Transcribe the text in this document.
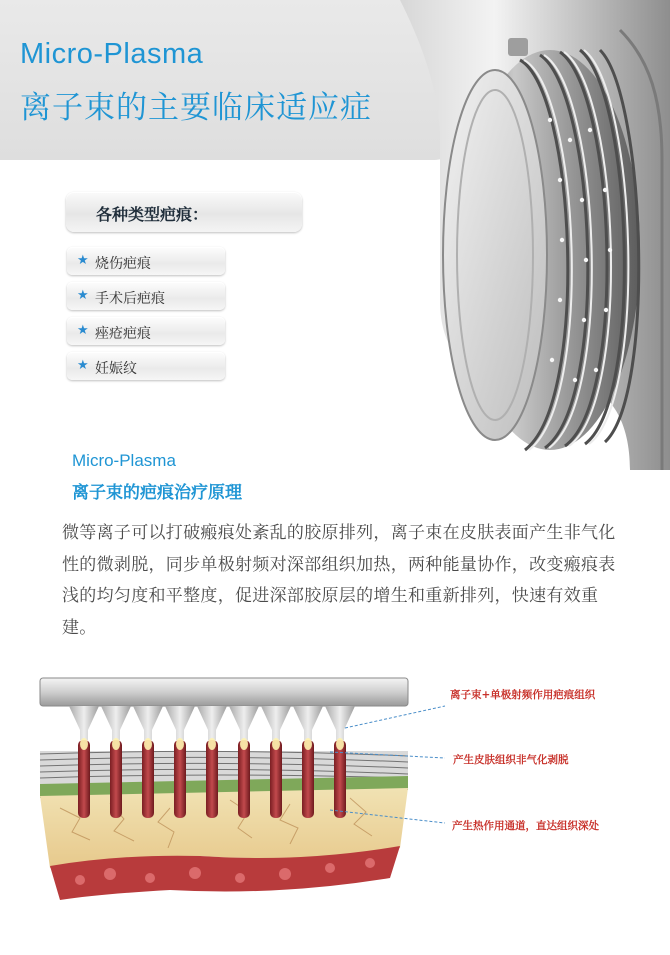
Micro-Plasma
离子束的主要临床适应症
各种类型疤痕：
★ 烧伤疤痕
★ 手术后疤痕
★ 痤疮疤痕
★ 妊娠纹
Micro-Plasma
离子束的疤痕治疗原理
微等离子可以打破瘢痕处紊乱的胶原排列，离子束在皮肤表面产生非气化性的微剥脱，同步单极射频对深部组织加热，两种能量协作，改变瘢痕表浅的均匀度和平整度，促进深部胶原层的增生和重新排列，快速有效重建。
离子束+单极射频作用疤痕组织
产生皮肤组织非气化剥脱
产生热作用通道，直达组织深处
